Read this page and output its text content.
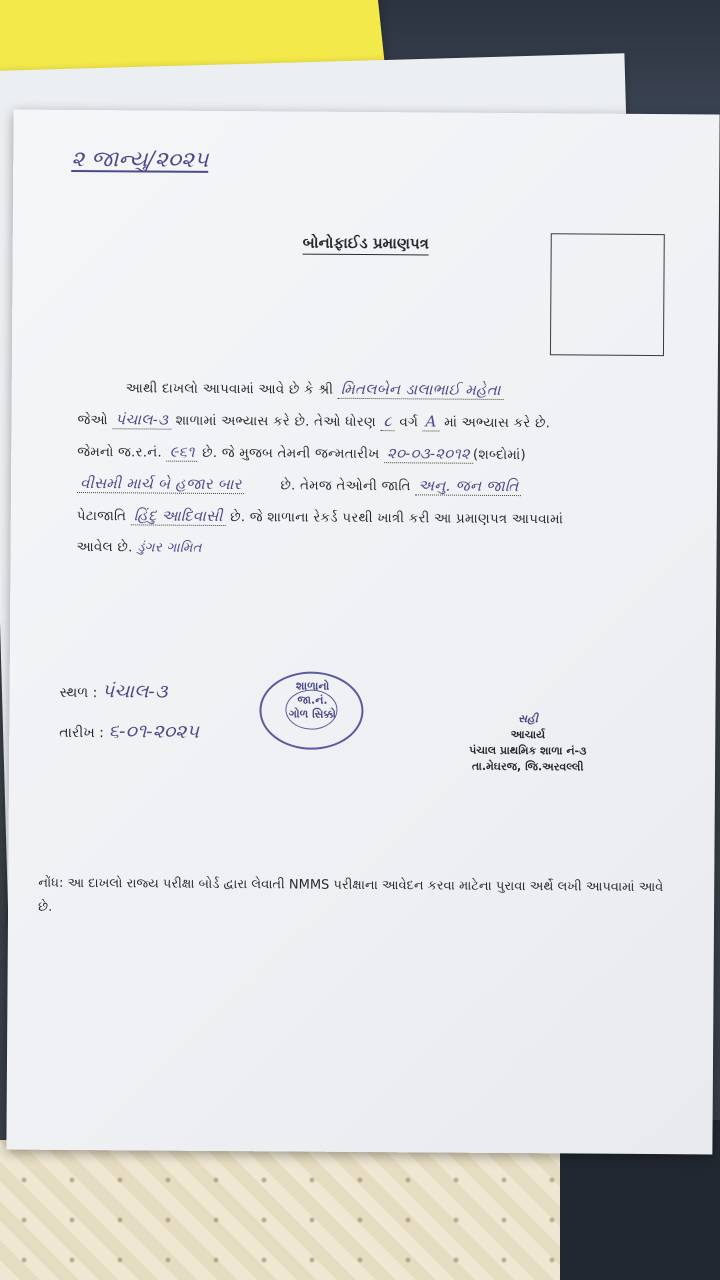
૨ જાન્યુ/૨૦૨૫
બોનોફાઈડ પ્રમાણપત્ર
આથી દાખલો આપવામાં આવે છે કે શ્રી મિતલબેન ડાલાભાઈ મહેતા
જેઓ પંચાલ-૩ શાળામાં અભ્યાસ કરે છે. તેઓ ધોરણ ૮ વર્ગ A માં અભ્યાસ કરે છે.
જેમનો જ.ર.નં. ૯૬૧ છે. જે મુજબ તેમની જન્મતારીખ ૨૦-૦૩-૨૦૧૨ (શબ્દોમાં)
વીસમી માર્ચ બે હજાર બાર	છે. તેમજ તેઓની જાતિ અનુ. જન જાતિ
પેટાજાતિ હિંદુ આદિવાસી છે. જે શાળાના રેકર્ડ પરથી ખાત્રી કરી આ પ્રમાણપત્ર આપવામાં
આવેલ છે. ડુંગર ગામિત
સ્થળ : પંચાલ-૩
તારીખ : ૬-૦૧-૨૦૨૫
શાળાનો
જા.નં.
ગોળ સિક્કો	સહી
આચાર્ય
પંચાલ પ્રાથમિક શાળા નં-૩
તા.મેઘરજ, જિ.અરવલ્લી
નોંધ: આ દાખલો રાજ્ય પરીક્ષા બોર્ડ દ્વારા લેવાતી NMMS પરીક્ષાના આવેદન કરવા માટેના પુરાવા અર્થે લખી આપવામાં આવે છે.
